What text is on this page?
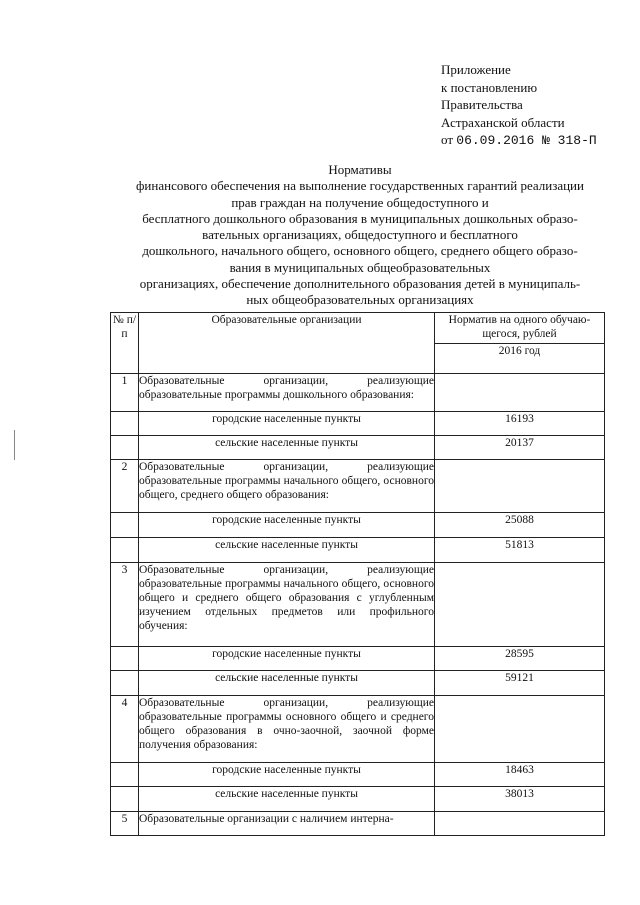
Приложение
к постановлению
Правительства
Астраханской области
от 06.09.2016 № 318-П
Нормативы
финансового обеспечения на выполнение государственных гарантий реализации
прав граждан на получение общедоступного и
бесплатного дошкольного образования в муниципальных дошкольных образо-
вательных организациях, общедоступного и бесплатного
дошкольного, начального общего, основного общего, среднего общего образо-
вания в муниципальных общеобразовательных
организациях, обеспечение дополнительного образования детей в муниципаль-
ных общеобразовательных организациях
№ п/п	Образовательные организации	Норматив на одного обучаю-щегося, рублей
		2016 год
1	Образовательные организации, реализующие образовательные программы дошкольного образования:	
	городские населенные пункты	16193
	сельские населенные пункты	20137
2	Образовательные организации, реализующие образовательные программы начального общего, основного общего, среднего общего образования:	
	городские населенные пункты	25088
	сельские населенные пункты	51813
3	Образовательные организации, реализующие образовательные программы начального общего, основного общего и среднего общего образования с углубленным изучением отдельных предметов или профильного обучения:	
	городские населенные пункты	28595
	сельские населенные пункты	59121
4	Образовательные организации, реализующие образовательные программы основного общего и среднего общего образования в очно-заочной, заочной форме получения образования:	
	городские населенные пункты	18463
	сельские населенные пункты	38013
5	Образовательные организации с наличием интерна-	
